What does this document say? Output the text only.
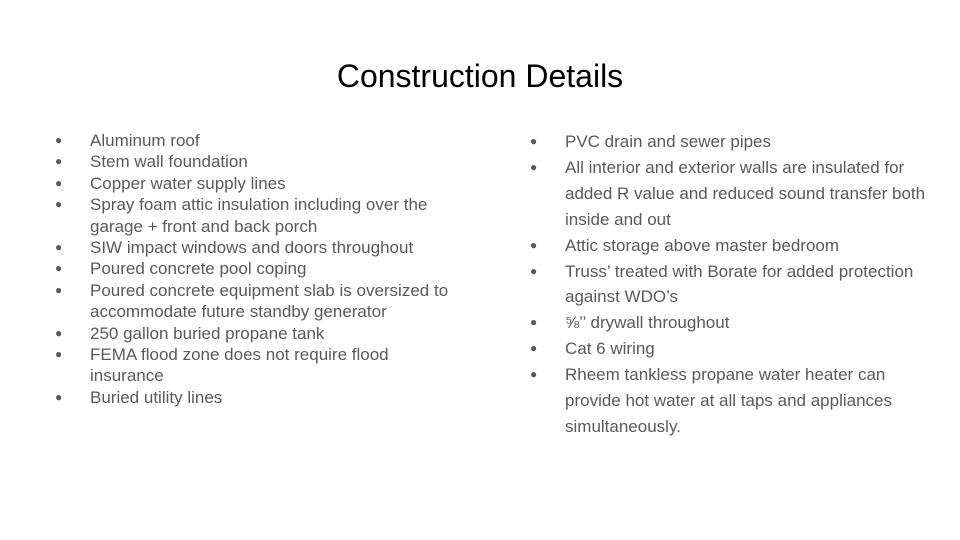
Construction Details
● Aluminum roof
● Stem wall foundation
● Copper water supply lines
● Spray foam attic insulation including over the garage + front and back porch
● SIW impact windows and doors throughout
● Poured concrete pool coping
● Poured concrete equipment slab is oversized to accommodate future standby generator
● 250 gallon buried propane tank
● FEMA flood zone does not require flood insurance
● Buried utility lines
● PVC drain and sewer pipes
● All interior and exterior walls are insulated for added R value and reduced sound transfer both inside and out
● Attic storage above master bedroom
● Truss’ treated with Borate for added protection against WDO’s
● ⅝’’ drywall throughout
● Cat 6 wiring
● Rheem tankless propane water heater can provide hot water at all taps and appliances simultaneously.
